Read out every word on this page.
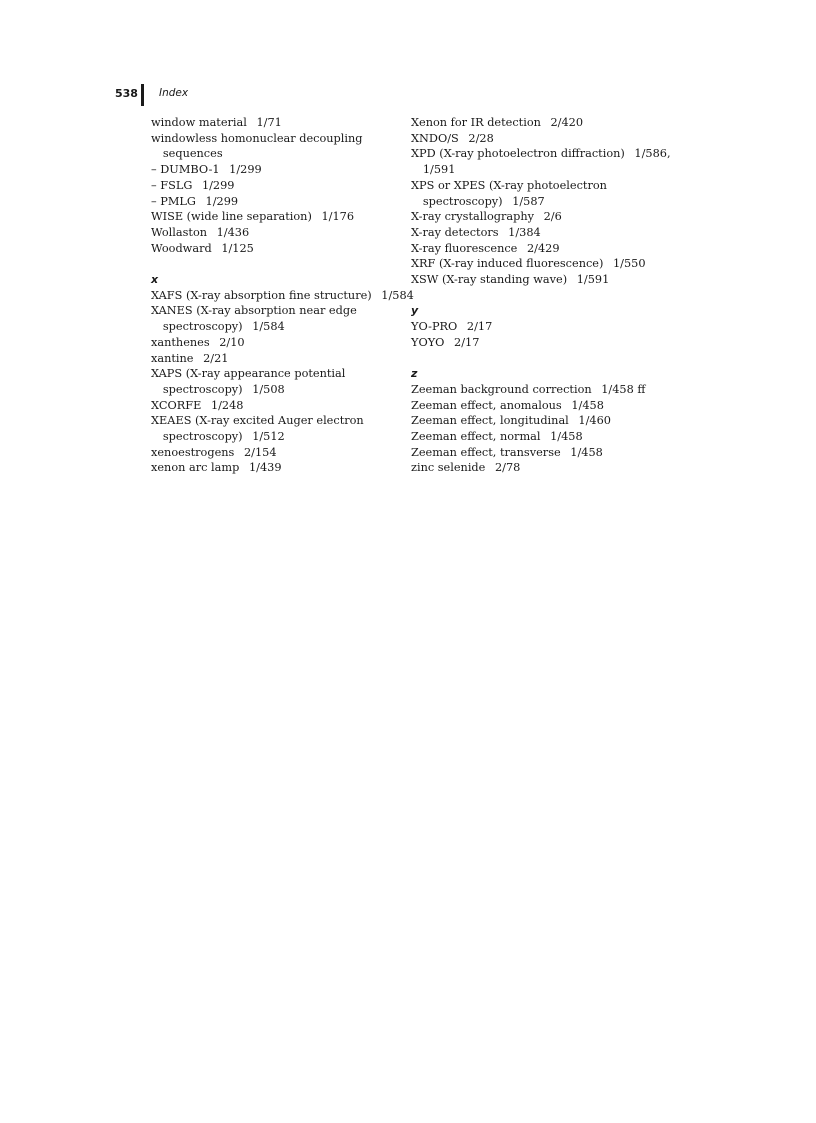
538 Index
window material 1/71
windowless homonuclear decoupling
sequences
– DUMBO-1 1/299
– FSLG 1/299
– PMLG 1/299
WISE (wide line separation) 1/176
Wollaston 1/436
Woodward 1/125
x
XAFS (X-ray absorption fine structure) 1/584
XANES (X-ray absorption near edge
spectroscopy) 1/584
xanthenes 2/10
xantine 2/21
XAPS (X-ray appearance potential
spectroscopy) 1/508
XCORFE 1/248
XEAES (X-ray excited Auger electron
spectroscopy) 1/512
xenoestrogens 2/154
xenon arc lamp 1/439
Xenon for IR detection 2/420
XNDO/S 2/28
XPD (X-ray photoelectron diffraction) 1/586,
1/591
XPS or XPES (X-ray photoelectron
spectroscopy) 1/587
X-ray crystallography 2/6
X-ray detectors 1/384
X-ray fluorescence 2/429
XRF (X-ray induced fluorescence) 1/550
XSW (X-ray standing wave) 1/591
y
YO-PRO 2/17
YOYO 2/17
z
Zeeman background correction 1/458 ff
Zeeman effect, anomalous 1/458
Zeeman effect, longitudinal 1/460
Zeeman effect, normal 1/458
Zeeman effect, transverse 1/458
zinc selenide 2/78
